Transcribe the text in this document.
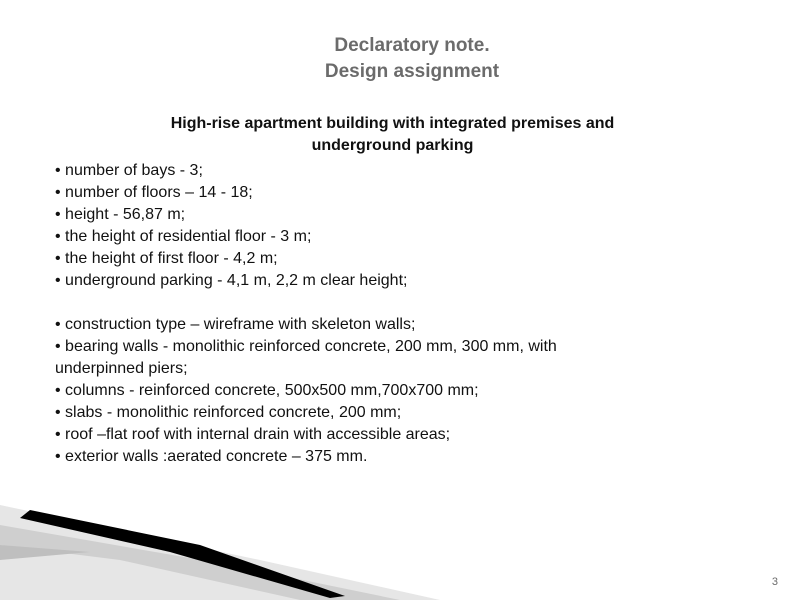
Declaratory note.
Design assignment
High-rise apartment building with integrated premises and
underground parking
• number of bays - 3;
• number of floors – 14 - 18;
• height - 56,87 m;
• the height of residential floor - 3 m;
• the height of first floor - 4,2 m;
• underground parking - 4,1 m, 2,2 m clear height;
• construction type – wireframe with skeleton walls;
• bearing walls - monolithic reinforced concrete, 200 mm, 300 mm, with
underpinned piers;
• columns - reinforced concrete, 500x500 mm,700x700 mm;
• slabs - monolithic reinforced concrete, 200 mm;
• roof –flat roof with internal drain with accessible areas;
• exterior walls :aerated concrete – 375 mm.
3
